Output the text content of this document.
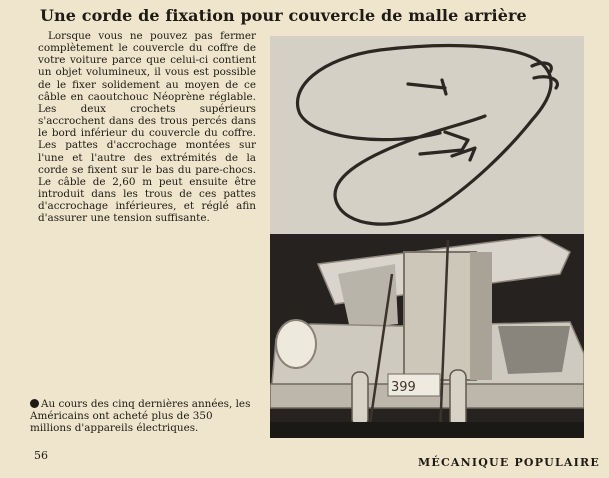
Une corde de fixation pour couvercle de malle arrière

Lorsque vous ne pouvez pas fermer complètement le couvercle du coffre de votre voiture parce que celui-ci contient un objet volumineux, il vous est possible de le fixer solidement au moyen de ce câble en caoutchouc Néoprène réglable. Les deux crochets supérieurs s'accrochent dans des trous percés dans le bord inférieur du couvercle du coffre. Les pattes d'accrochage montées sur l'une et l'autre des extrémités de la corde se fixent sur le bas du pare-chocs. Le câble de 2,60 m peut ensuite être introduit dans les trous de ces pattes d'accrochage inférieures, et réglé afin d'assurer une tension suffisante.

399

Au cours des cinq dernières années, les Américains ont acheté plus de 350 millions d'appareils électriques.

56
MÉCANIQUE POPULAIRE
